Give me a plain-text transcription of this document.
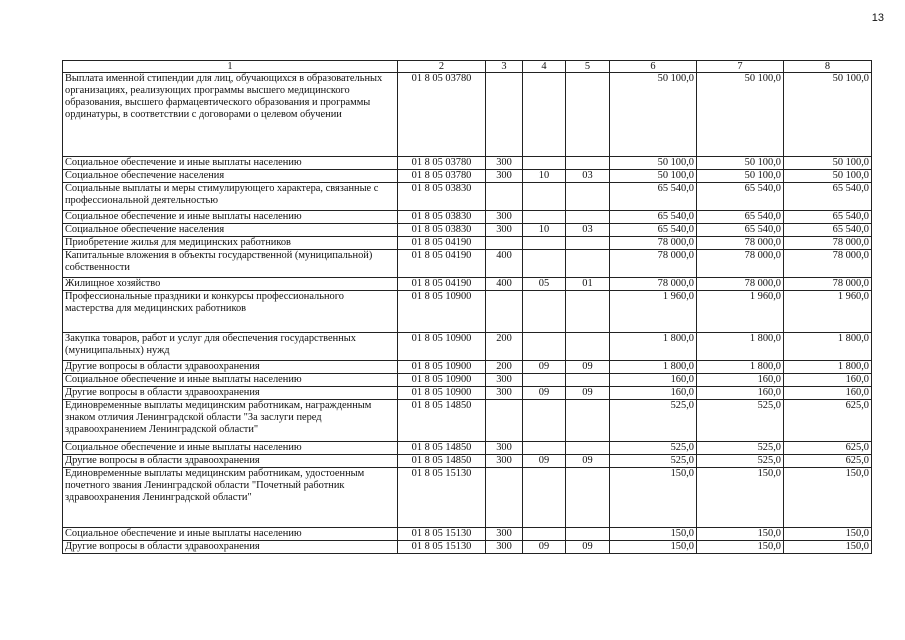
13
1	2	3	4	5	6	7	8
Выплата именной стипендии для лиц, обучающихся в образовательных организациях, реализующих программы высшего медицинского образования, высшего фармацевтического образования и программы ординатуры, в соответствии с договорами о целевом обучении	01 8 05 03780				50 100,0	50 100,0	50 100,0
Социальное обеспечение и иные выплаты населению	01 8 05 03780	300			50 100,0	50 100,0	50 100,0
Социальное обеспечение населения	01 8 05 03780	300	10	03	50 100,0	50 100,0	50 100,0
Социальные выплаты и меры стимулирующего характера, связанные с профессиональной деятельностью	01 8 05 03830				65 540,0	65 540,0	65 540,0
Социальное обеспечение и иные выплаты населению	01 8 05 03830	300			65 540,0	65 540,0	65 540,0
Социальное обеспечение населения	01 8 05 03830	300	10	03	65 540,0	65 540,0	65 540,0
Приобретение жилья для медицинских работников	01 8 05 04190				78 000,0	78 000,0	78 000,0
Капитальные вложения в объекты государственной (муниципальной) собственности	01 8 05 04190	400			78 000,0	78 000,0	78 000,0
Жилищное хозяйство	01 8 05 04190	400	05	01	78 000,0	78 000,0	78 000,0
Профессиональные праздники и конкурсы профессионального мастерства для медицинских работников	01 8 05 10900				1 960,0	1 960,0	1 960,0
Закупка товаров, работ и услуг для обеспечения государственных (муниципальных) нужд	01 8 05 10900	200			1 800,0	1 800,0	1 800,0
Другие вопросы в области здравоохранения	01 8 05 10900	200	09	09	1 800,0	1 800,0	1 800,0
Социальное обеспечение и иные выплаты населению	01 8 05 10900	300			160,0	160,0	160,0
Другие вопросы в области здравоохранения	01 8 05 10900	300	09	09	160,0	160,0	160,0
Единовременные выплаты медицинским работникам, награжденным знаком отличия Ленинградской области "За заслуги перед здравоохранением Ленинградской области"	01 8 05 14850				525,0	525,0	625,0
Социальное обеспечение и иные выплаты населению	01 8 05 14850	300			525,0	525,0	625,0
Другие вопросы в области здравоохранения	01 8 05 14850	300	09	09	525,0	525,0	625,0
Единовременные выплаты медицинским работникам, удостоенным почетного звания Ленинградской области "Почетный работник здравоохранения Ленинградской области"	01 8 05 15130				150,0	150,0	150,0
Социальное обеспечение и иные выплаты населению	01 8 05 15130	300			150,0	150,0	150,0
Другие вопросы в области здравоохранения	01 8 05 15130	300	09	09	150,0	150,0	150,0
